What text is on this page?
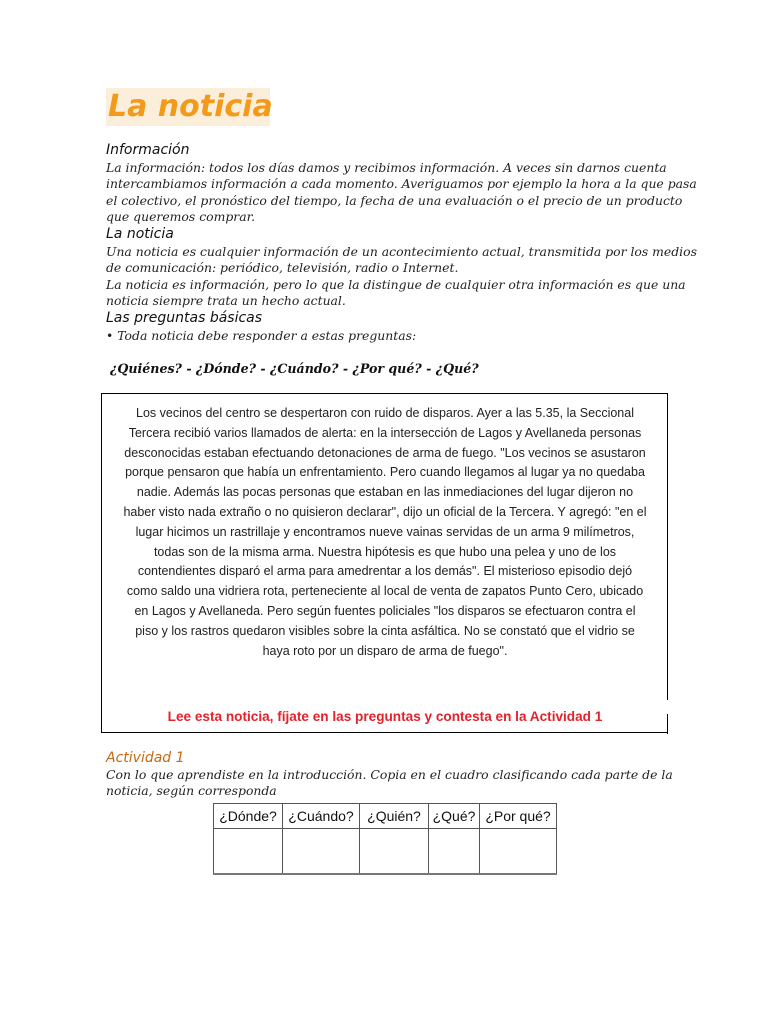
La noticia
Información
La información: todos los días damos y recibimos información. A veces sin darnos cuenta
intercambiamos información a cada momento. Averiguamos por ejemplo la hora a la que pasa
el colectivo, el pronóstico del tiempo, la fecha de una evaluación o el precio de un producto
que queremos comprar.
La noticia
Una noticia es cualquier información de un acontecimiento actual, transmitida por los medios
de comunicación: periódico, televisión, radio o Internet.
La noticia es información, pero lo que la distingue de cualquier otra información es que una
noticia siempre trata un hecho actual.
Las preguntas básicas
• Toda noticia debe responder a estas preguntas:
¿Quiénes? - ¿Dónde? - ¿Cuándo? - ¿Por qué? - ¿Qué?
Los vecinos del centro se despertaron con ruido de disparos. Ayer a las 5.35, la Seccional
Tercera recibió varios llamados de alerta: en la intersección de Lagos y Avellaneda personas
desconocidas estaban efectuando detonaciones de arma de fuego. "Los vecinos se asustaron
porque pensaron que había un enfrentamiento. Pero cuando llegamos al lugar ya no quedaba
nadie. Además las pocas personas que estaban en las inmediaciones del lugar dijeron no
haber visto nada extraño o no quisieron declarar", dijo un oficial de la Tercera. Y agregó: "en el
lugar hicimos un rastrillaje y encontramos nueve vainas servidas de un arma 9 milímetros,
todas son de la misma arma. Nuestra hipótesis es que hubo una pelea y uno de los
contendientes disparó el arma para amedrentar a los demás". El misterioso episodio dejó
como saldo una vidriera rota, perteneciente al local de venta de zapatos Punto Cero, ubicado
en Lagos y Avellaneda. Pero según fuentes policiales "los disparos se efectuaron contra el
piso y los rastros quedaron visibles sobre la cinta asfáltica. No se constató que el vidrio se
haya roto por un disparo de arma de fuego".
Lee esta noticia, fíjate en las preguntas y contesta en la Actividad 1
Actividad 1
Con lo que aprendiste en la introducción. Copia en el cuadro clasificando cada parte de la
noticia, según corresponda
¿Dónde?	¿Cuándo?	¿Quién?	¿Qué?	¿Por qué?
